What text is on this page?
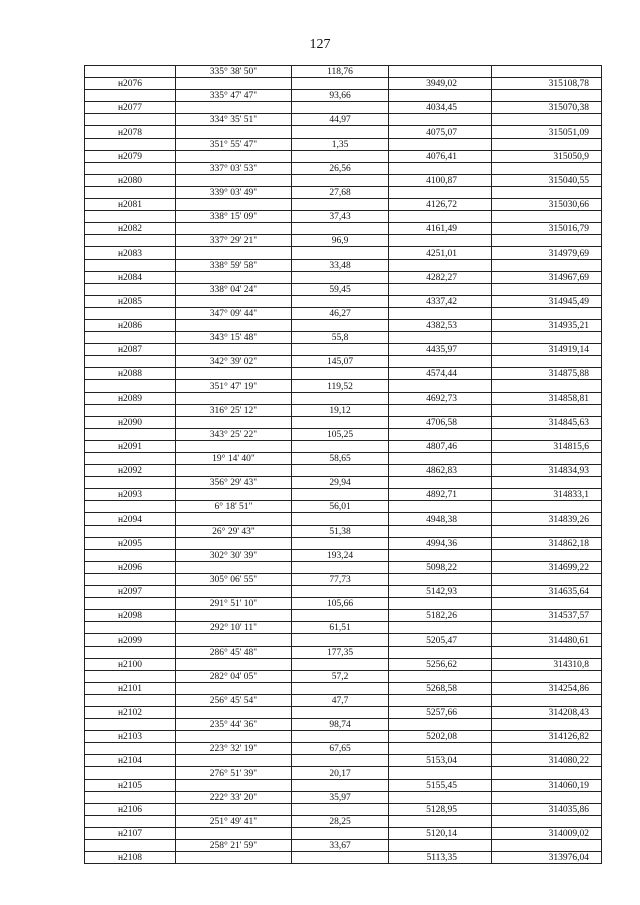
127
	335° 38' 50"	118,76		
н2076			3949,02	315108,78
	335° 47' 47"	93,66		
н2077			4034,45	315070,38
	334° 35' 51"	44,97		
н2078			4075,07	315051,09
	351° 55' 47"	1,35		
н2079			4076,41	315050,9
	337° 03' 53"	26,56		
н2080			4100,87	315040,55
	339° 03' 49"	27,68		
н2081			4126,72	315030,66
	338° 15' 09"	37,43		
н2082			4161,49	315016,79
	337° 29' 21"	96,9		
н2083			4251,01	314979,69
	338° 59' 58"	33,48		
н2084			4282,27	314967,69
	338° 04' 24"	59,45		
н2085			4337,42	314945,49
	347° 09' 44"	46,27		
н2086			4382,53	314935,21
	343° 15' 48"	55,8		
н2087			4435,97	314919,14
	342° 39' 02"	145,07		
н2088			4574,44	314875,88
	351° 47' 19"	119,52		
н2089			4692,73	314858,81
	316° 25' 12"	19,12		
н2090			4706,58	314845,63
	343° 25' 22"	105,25		
н2091			4807,46	314815,6
	19° 14' 40"	58,65		
н2092			4862,83	314834,93
	356° 29' 43"	29,94		
н2093			4892,71	314833,1
	6° 18' 51"	56,01		
н2094			4948,38	314839,26
	26° 29' 43"	51,38		
н2095			4994,36	314862,18
	302° 30' 39"	193,24		
н2096			5098,22	314699,22
	305° 06' 55"	77,73		
н2097			5142,93	314635,64
	291° 51' 10"	105,66		
н2098			5182,26	314537,57
	292° 10' 11"	61,51		
н2099			5205,47	314480,61
	286° 45' 48"	177,35		
н2100			5256,62	314310,8
	282° 04' 05"	57,2		
н2101			5268,58	314254,86
	256° 45' 54"	47,7		
н2102			5257,66	314208,43
	235° 44' 36"	98,74		
н2103			5202,08	314126,82
	223° 32' 19"	67,65		
н2104			5153,04	314080,22
	276° 51' 39"	20,17		
н2105			5155,45	314060,19
	222° 33' 20"	35,97		
н2106			5128,95	314035,86
	251° 49' 41"	28,25		
н2107			5120,14	314009,02
	258° 21' 59"	33,67		
н2108			5113,35	313976,04
